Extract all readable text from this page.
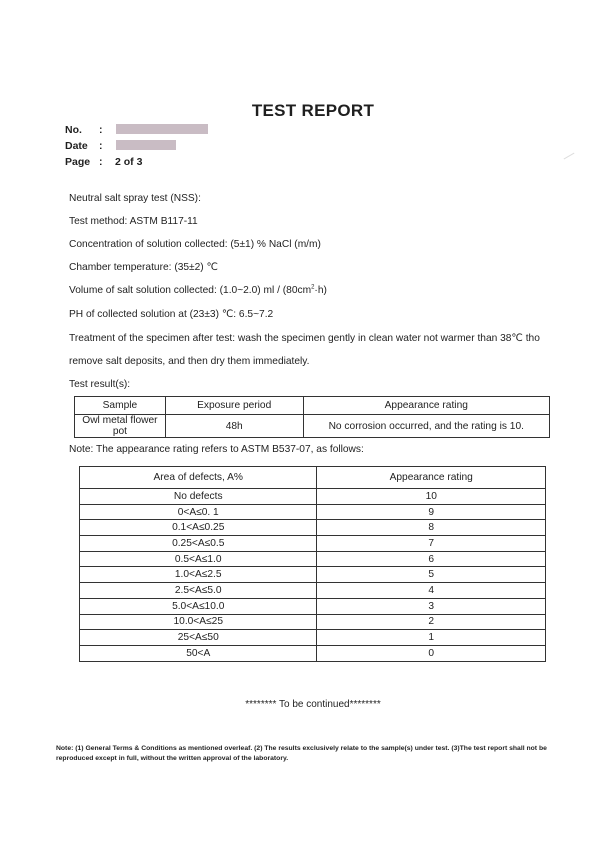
TEST REPORT
No. :
Date :
Page : 2 of 3
Neutral salt spray test (NSS):
Test method: ASTM B117-11
Concentration of solution collected: (5±1) % NaCl (m/m)
Chamber temperature: (35±2) ℃
Volume of salt solution collected: (1.0~2.0) ml / $(80cm^2\cdot h)$
PH of collected solution at (23±3) ℃: 6.5~7.2
Treatment of the specimen after test: wash the specimen gently in clean water not warmer than 38℃ tho
remove salt deposits, and then dry them immediately.
Test result(s):
Sample	Exposure period	Appearance rating
Owl metal flower pot	48h	No corrosion occurred, and the rating is 10.
Note: The appearance rating refers to ASTM B537-07, as follows:
Area of defects, A%	Appearance rating
No defects	10
0<A≤0. 1	9
0.1<A≤0.25	8
0.25<A≤0.5	7
0.5<A≤1.0	6
1.0<A≤2.5	5
2.5<A≤5.0	4
5.0<A≤10.0	3
10.0<A≤25	2
25<A≤50	1
50<A	0
******** To be continued********
Note: (1) General Terms & Conditions as mentioned overleaf. (2) The results exclusively relate to the sample(s) under test. (3)The test report shall not be reproduced except in full, without the written approval of the laboratory.
